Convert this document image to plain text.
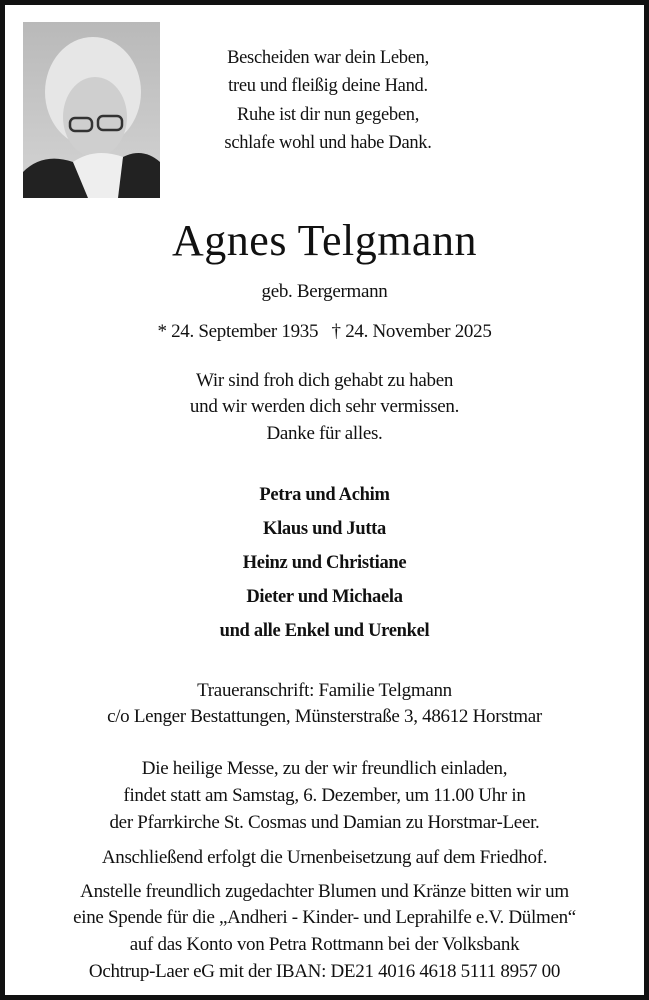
Bescheiden war dein Leben,
treu und fleißig deine Hand.
Ruhe ist dir nun gegeben,
schlafe wohl und habe Dank.
Agnes Telgmann
geb. Bergermann
* 24. September 1935   † 24. November 2025
Wir sind froh dich gehabt zu haben
und wir werden dich sehr vermissen.
Danke für alles.
Petra und Achim
Klaus und Jutta
Heinz und Christiane
Dieter und Michaela
und alle Enkel und Urenkel
Traueranschrift: Familie Telgmann
c/o Lenger Bestattungen, Münsterstraße 3, 48612 Horstmar
Die heilige Messe, zu der wir freundlich einladen,
findet statt am Samstag, 6. Dezember, um 11.00 Uhr in
der Pfarrkirche St. Cosmas und Damian zu Horstmar-Leer.
Anschließend erfolgt die Urnenbeisetzung auf dem Friedhof.
Anstelle freundlich zugedachter Blumen und Kränze bitten wir um
eine Spende für die „Andheri - Kinder- und Leprahilfe e.V. Dülmen“
auf das Konto von Petra Rottmann bei der Volksbank
Ochtrup-Laer eG mit der IBAN: DE21 4016 4618 5111 8957 00
